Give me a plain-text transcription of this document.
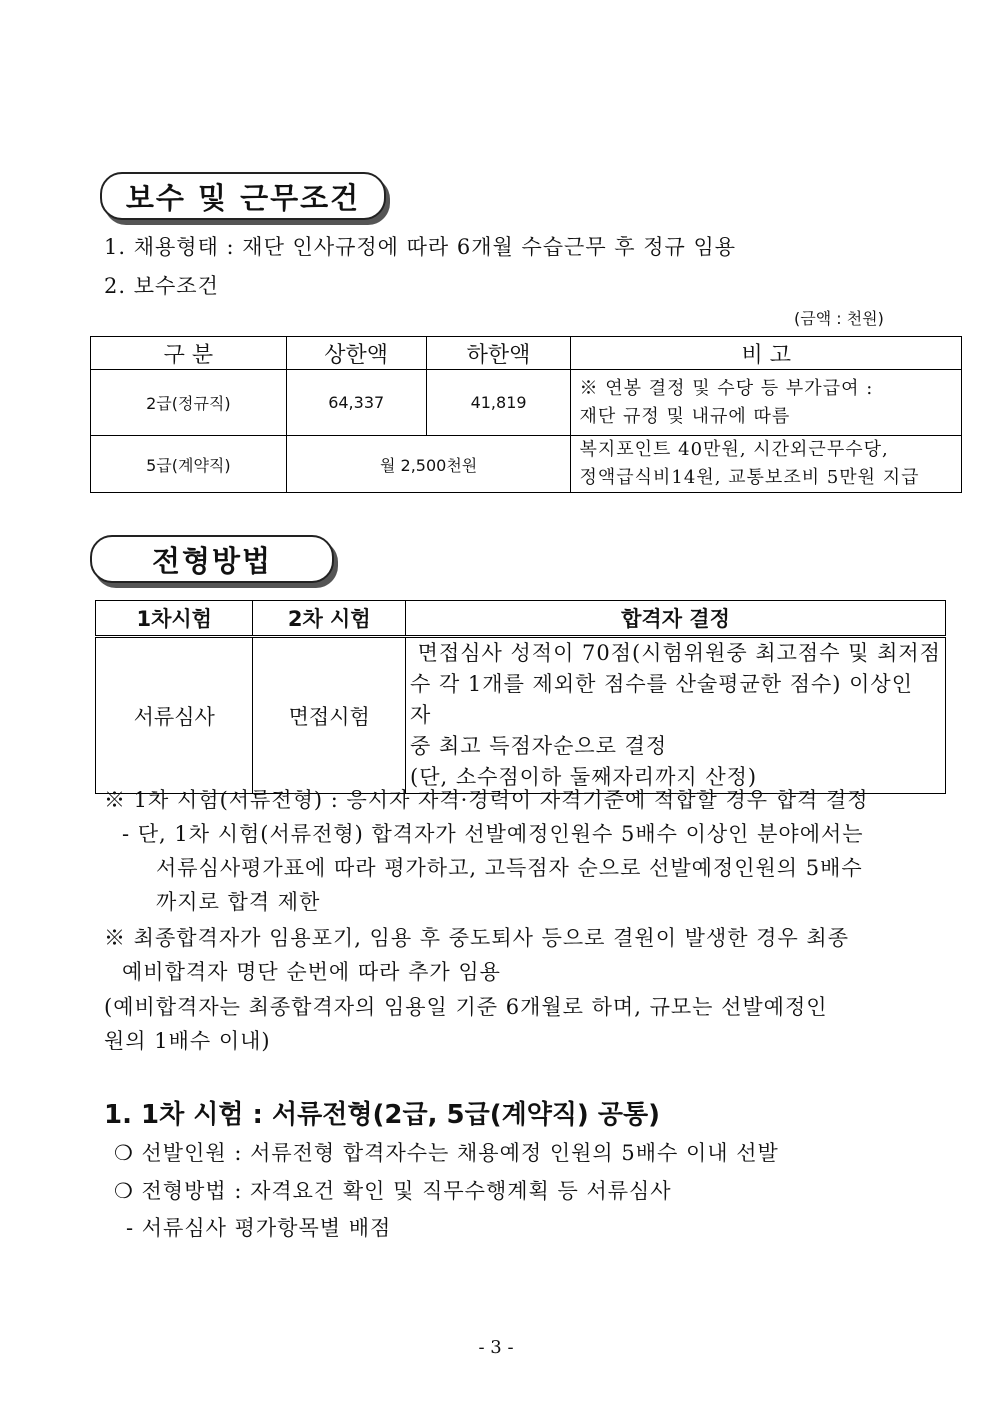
보수 및 근무조건
1. 채용형태 : 재단 인사규정에 따라 6개월 수습근무 후 정규 임용
2. 보수조건
(금액 : 천원)
구 분	상한액	하한액	비 고
2급(정규직)	64,337	41,819	※ 연봉 결정 및 수당 등 부가급여 :
재단 규정 및 내규에 따름

5급(계약직)	월 2,500천원		복지포인트 40만원, 시간외근무수당,
정액급식비14원, 교통보조비 5만원 지급
전형방법
1차시험	2차 시험	합격자 결정
서류심사	면접시험	면접심사 성적이 70점(시험위원중 최고점수 및 최저점
수 각 1개를 제외한 점수를 산술평균한 점수) 이상인 자
중 최고 득점자순으로 결정
(단, 소수점이하 둘째자리까지 산정)
※ 1차 시험(서류전형) : 응시자 자격·경력이 자격기준에 적합할 경우 합격 결정
- 단, 1차 시험(서류전형) 합격자가 선발예정인원수 5배수 이상인 분야에서는
서류심사평가표에 따라 평가하고, 고득점자 순으로 선발예정인원의 5배수
까지로 합격 제한
※ 최종합격자가 임용포기, 임용 후 중도퇴사 등으로 결원이 발생한 경우 최종
예비합격자 명단 순번에 따라 추가 임용
(예비합격자는 최종합격자의 임용일 기준 6개월로 하며, 규모는 선발예정인
원의 1배수 이내)
1. 1차 시험 : 서류전형(2급, 5급(계약직) 공통)
❍ 선발인원 : 서류전형 합격자수는 채용예정 인원의 5배수 이내 선발
❍ 전형방법 : 자격요건 확인 및 직무수행계획 등 서류심사
- 서류심사 평가항목별 배점
- 3 -
